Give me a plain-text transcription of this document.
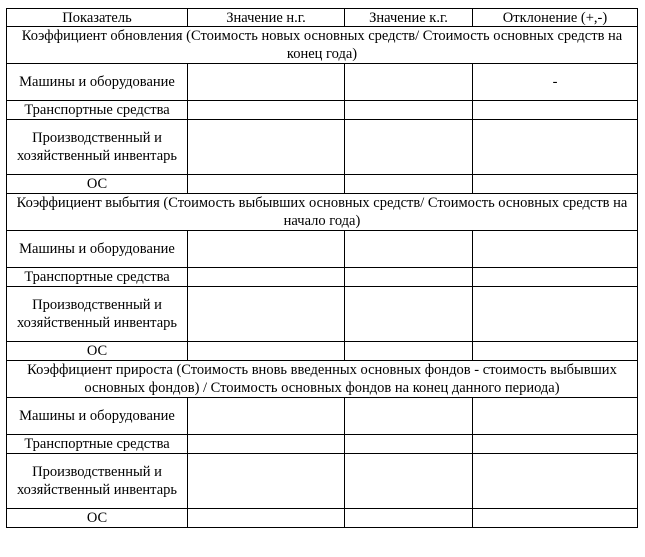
Показатель	Значение н.г.	Значение к.г.	Отклонение (+,-)
Коэффициент обновления (Стоимость новых основных средств/ Стоимость основных средств на конец года)			
Машины и оборудование			-
Транспортные средства			
Производственный и хозяйственный инвентарь			
ОС			
Коэффициент выбытия (Стоимость выбывших основных средств/ Стоимость основных средств на начало года)			
Машины и оборудование			
Транспортные средства			
Производственный и хозяйственный инвентарь			
ОС			
Коэффициент прироста (Стоимость вновь введенных основных фондов - стоимость выбывших основных фондов) / Стоимость основных фондов на конец данного периода)			
Машины и оборудование			
Транспортные средства			
Производственный и хозяйственный инвентарь			
ОС			
